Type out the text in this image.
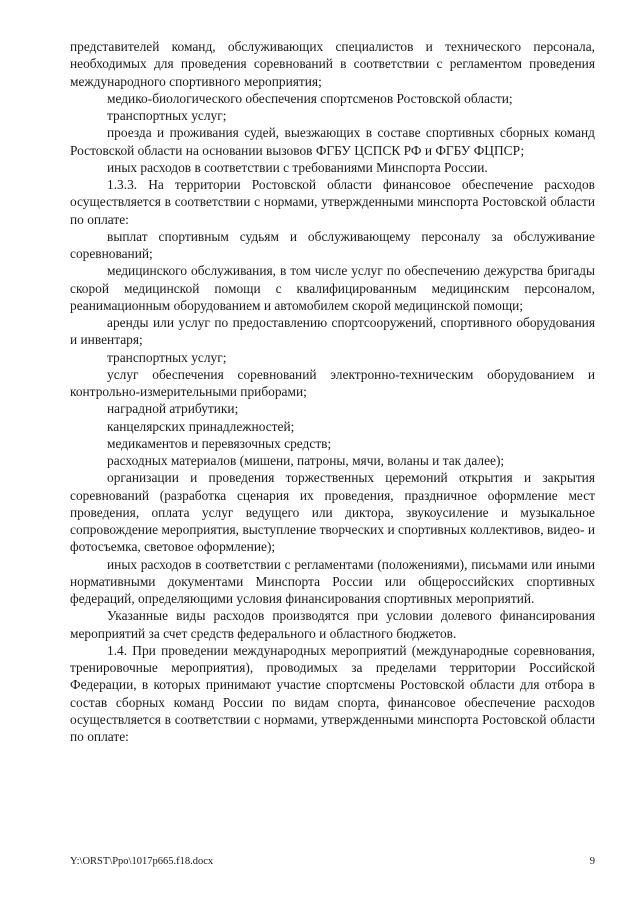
представителей команд, обслуживающих специалистов и технического персонала, необходимых для проведения соревнований в соответствии с регламентом проведения международного спортивного мероприятия;

медико-биологического обеспечения спортсменов Ростовской области;

транспортных услуг;

проезда и проживания судей, выезжающих в составе спортивных сборных команд Ростовской области на основании вызовов ФГБУ ЦСПСК РФ и ФГБУ ФЦПСР;

иных расходов в соответствии с требованиями Минспорта России.

1.3.3. На территории Ростовской области финансовое обеспечение расходов осуществляется в соответствии с нормами, утвержденными минспорта Ростовской области по оплате:

выплат спортивным судьям и обслуживающему персоналу за обслуживание соревнований;

медицинского обслуживания, в том числе услуг по обеспечению дежурства бригады скорой медицинской помощи с квалифицированным медицинским персоналом, реанимационным оборудованием и автомобилем скорой медицинской помощи;

аренды или услуг по предоставлению спортсооружений, спортивного оборудования и инвентаря;

транспортных услуг;

услуг обеспечения соревнований электронно-техническим оборудованием и контрольно-измерительными приборами;

наградной атрибутики;

канцелярских принадлежностей;

медикаментов и перевязочных средств;

расходных материалов (мишени, патроны, мячи, воланы и так далее);

организации и проведения торжественных церемоний открытия и закрытия соревнований (разработка сценария их проведения, праздничное оформление мест проведения, оплата услуг ведущего или диктора, звукоусиление и музыкальное сопровождение мероприятия, выступление творческих и спортивных коллективов, видео- и фотосъемка, световое оформление);

иных расходов в соответствии с регламентами (положениями), письмами или иными нормативными документами Минспорта России или общероссийских спортивных федераций, определяющими условия финансирования спортивных мероприятий.

Указанные виды расходов производятся при условии долевого финансирования мероприятий за счет средств федерального и областного бюджетов.

1.4. При проведении международных мероприятий (международные соревнования, тренировочные мероприятия), проводимых за пределами территории Российской Федерации, в которых принимают участие спортсмены Ростовской области для отбора в состав сборных команд России по видам спорта, финансовое обеспечение расходов осуществляется в соответствии с нормами, утвержденными минспорта Ростовской области по оплате:

Y:\ORST\Ppo\1017p665.f18.docx	9
